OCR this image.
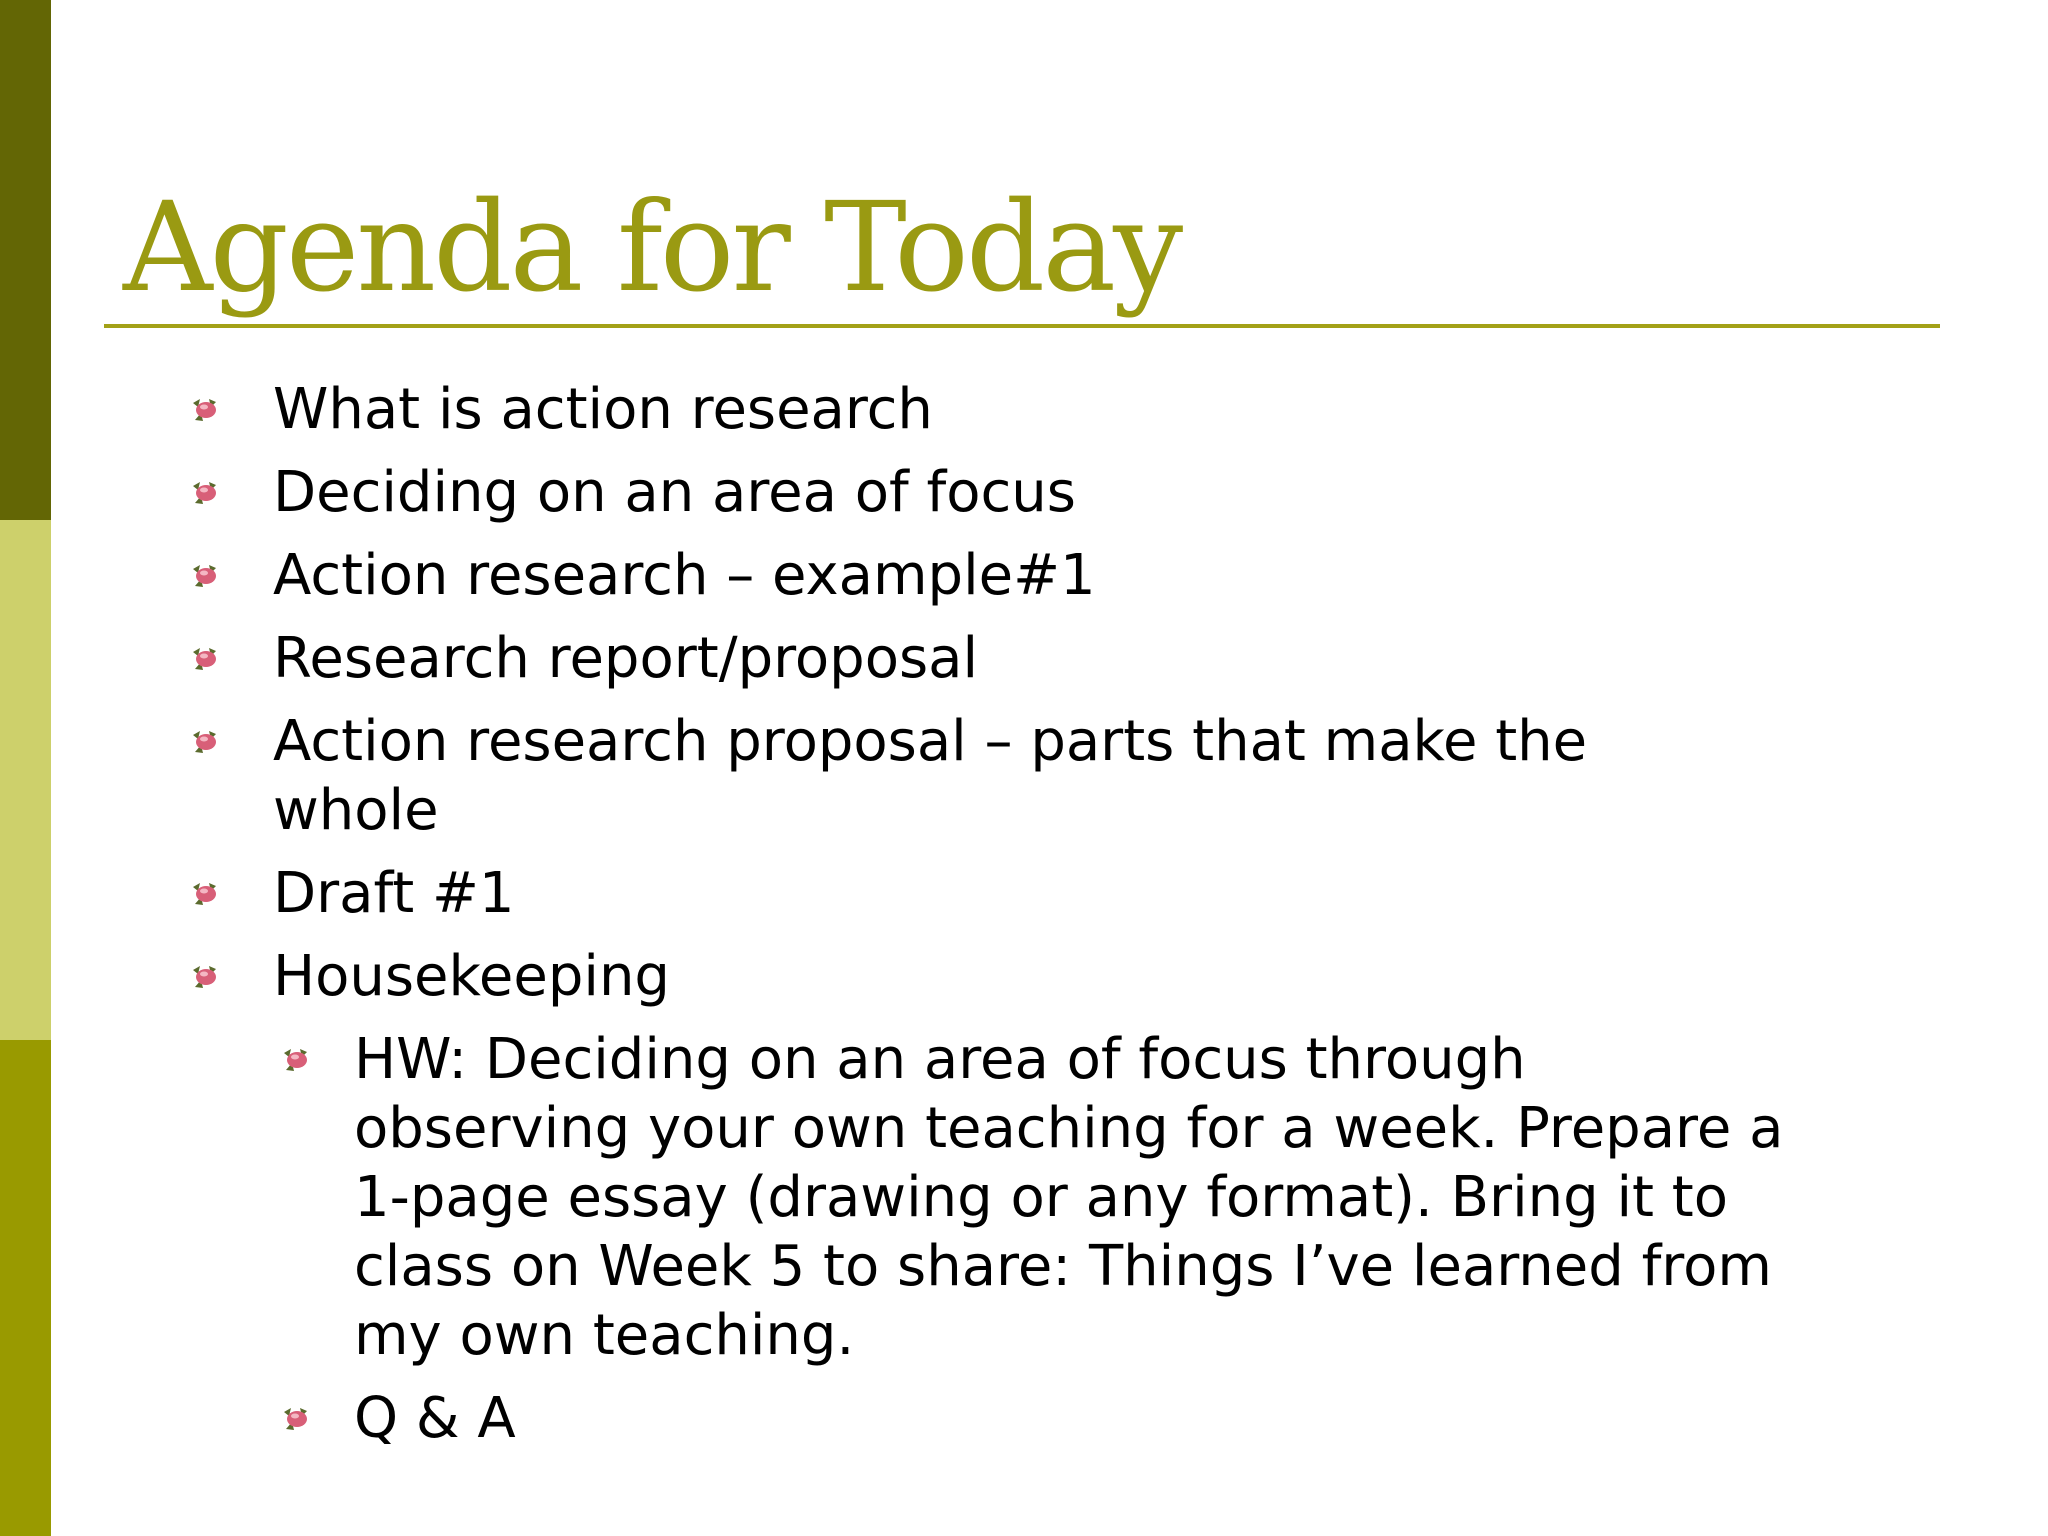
Agenda for Today
What is action research
Deciding on an area of focus
Action research – example#1
Research report/proposal
Action research proposal – parts that make the whole
Draft #1
Housekeeping
HW: Deciding on an area of focus through observing your own teaching for a week. Prepare a 1-page essay (drawing or any format). Bring it to class on Week 5 to share: Things I’ve learned from my own teaching.
Q & A
